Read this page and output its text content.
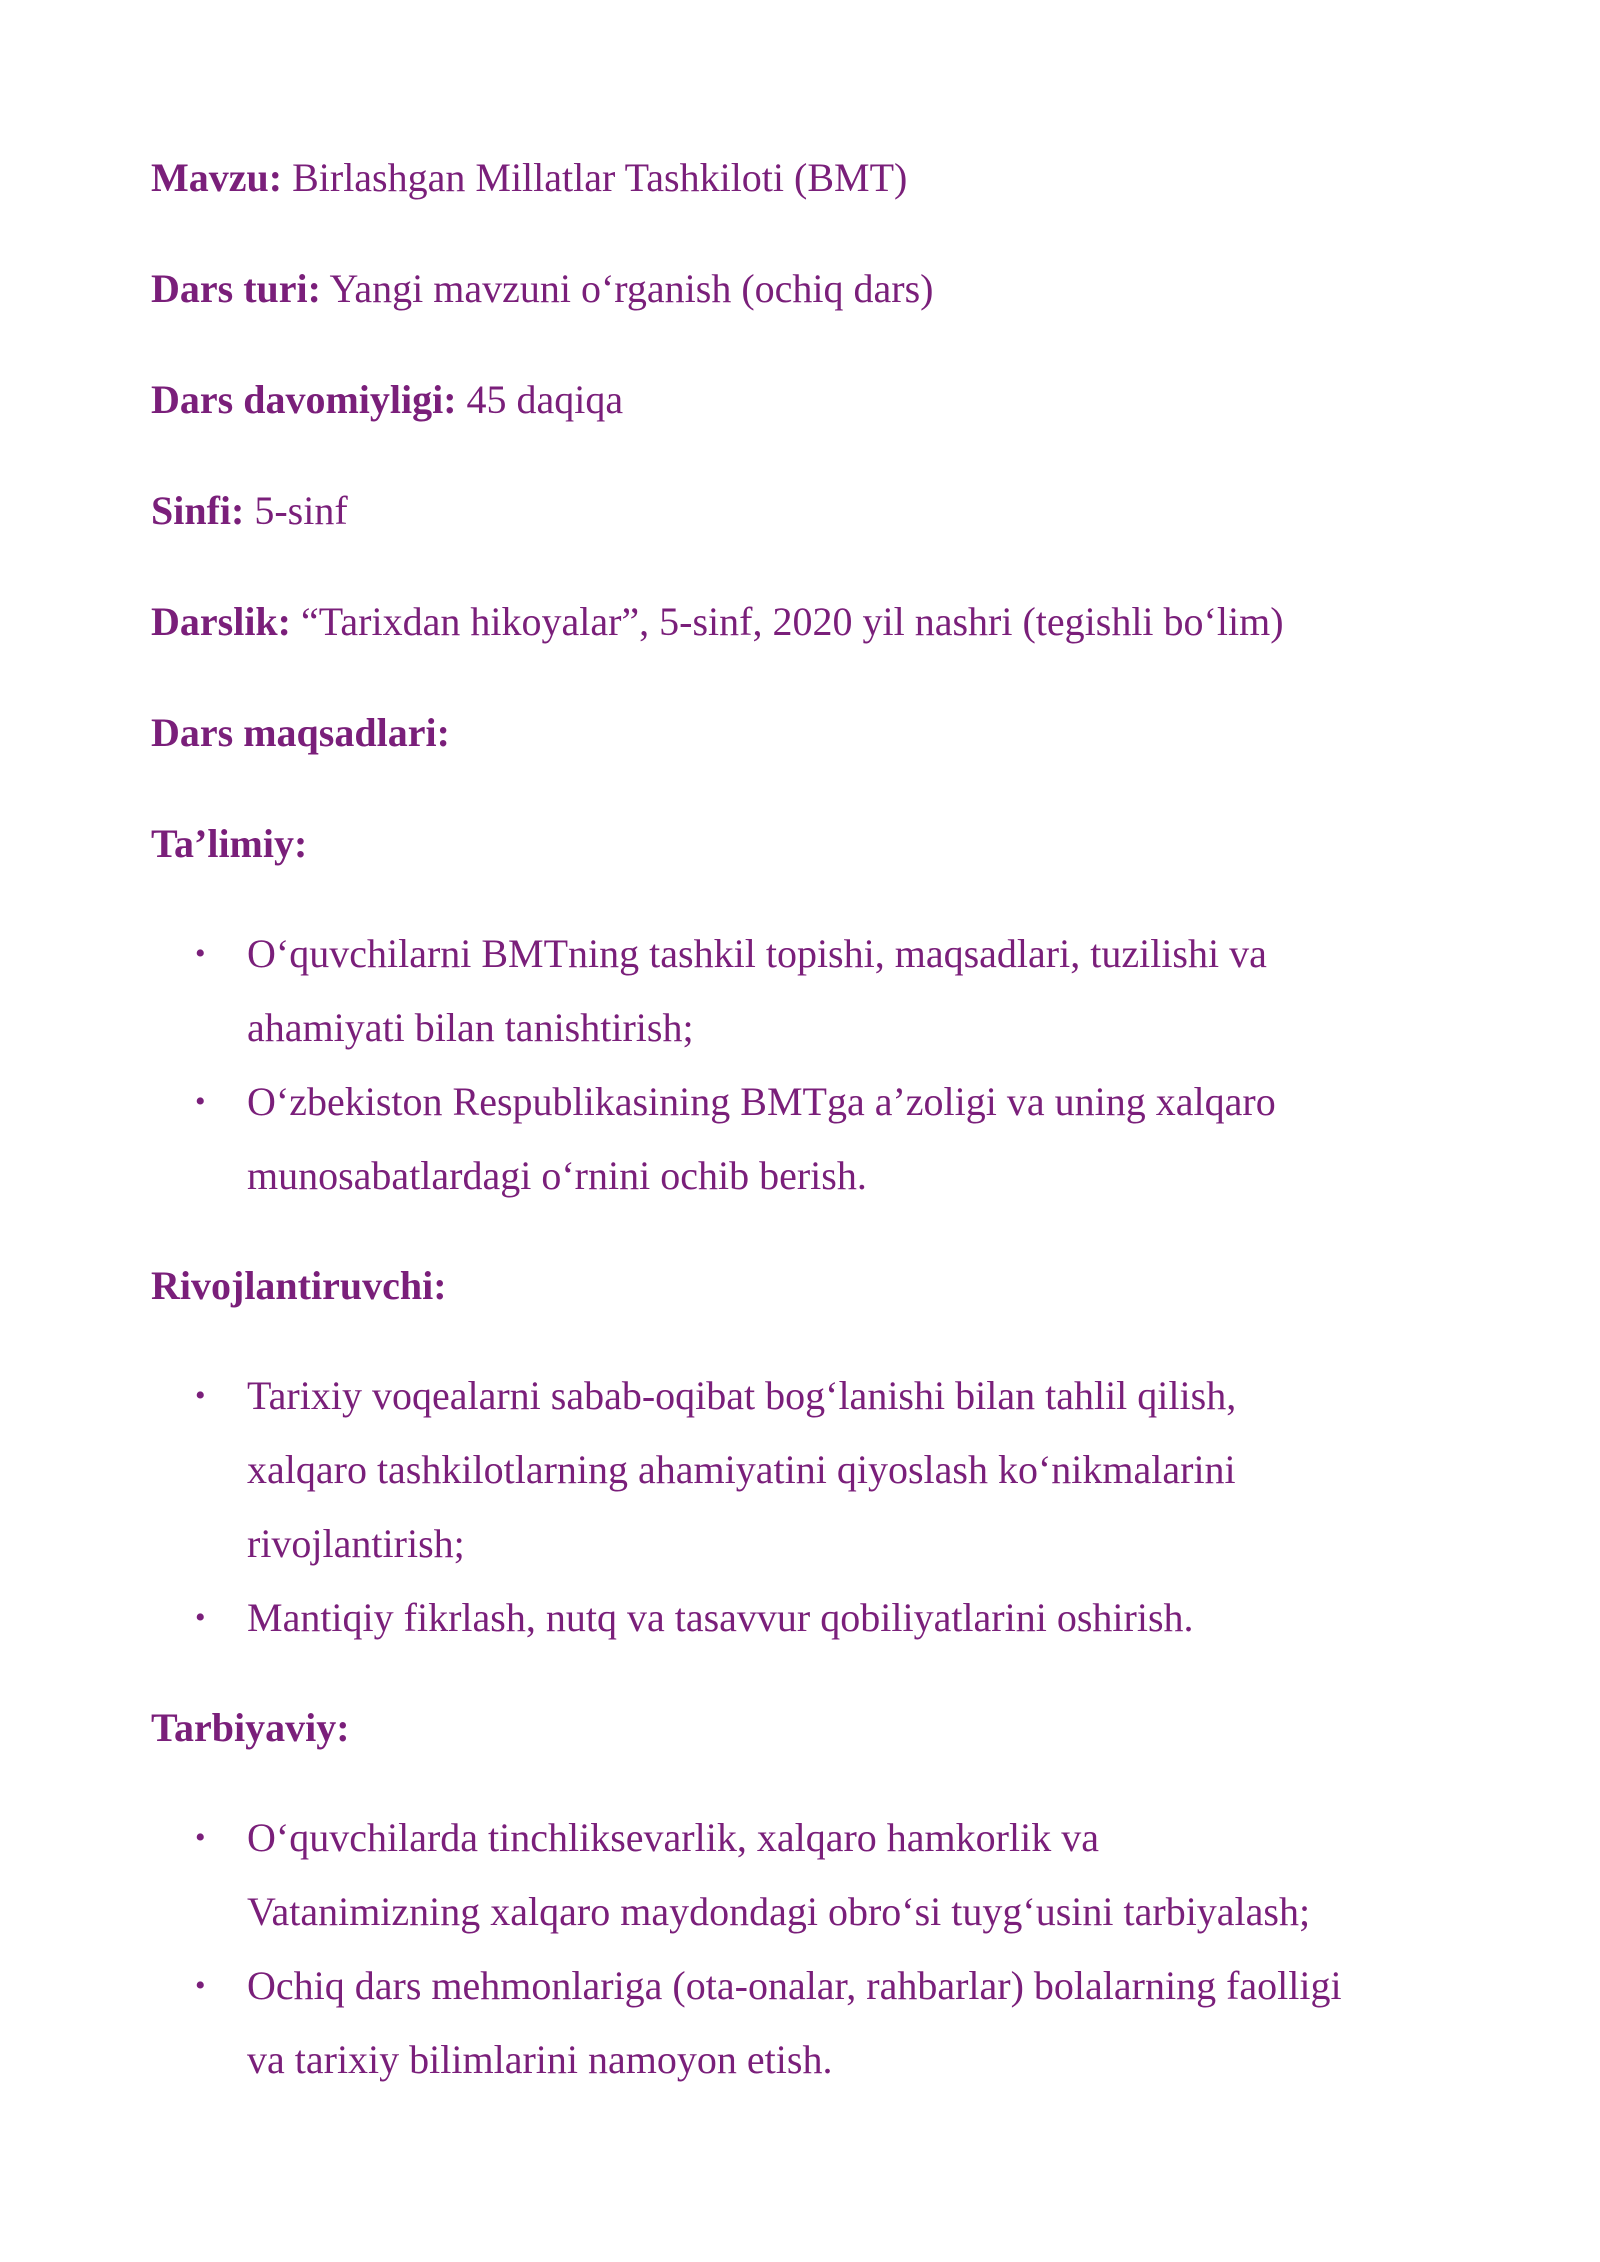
Mavzu: Birlashgan Millatlar Tashkiloti (BMT)
Dars turi: Yangi mavzuni o‘rganish (ochiq dars)
Dars davomiyligi: 45 daqiqa
Sinfi: 5-sinf
Darslik: “Tarixdan hikoyalar”, 5-sinf, 2020 yil nashri (tegishli bo‘lim)
Dars maqsadlari:
Ta’limiy:
• O‘quvchilarni BMTning tashkil topishi, maqsadlari, tuzilishi va
ahamiyati bilan tanishtirish;
• O‘zbekiston Respublikasining BMTga a’zoligi va uning xalqaro
munosabatlardagi o‘rnini ochib berish.
Rivojlantiruvchi:
• Tarixiy voqealarni sabab-oqibat bog‘lanishi bilan tahlil qilish,
xalqaro tashkilotlarning ahamiyatini qiyoslash ko‘nikmalarini
rivojlantirish;
• Mantiqiy fikrlash, nutq va tasavvur qobiliyatlarini oshirish.
Tarbiyaviy:
• O‘quvchilarda tinchliksevarlik, xalqaro hamkorlik va
Vatanimizning xalqaro maydondagi obro‘si tuyg‘usini tarbiyalash;
• Ochiq dars mehmonlariga (ota-onalar, rahbarlar) bolalarning faolligi
va tarixiy bilimlarini namoyon etish.
